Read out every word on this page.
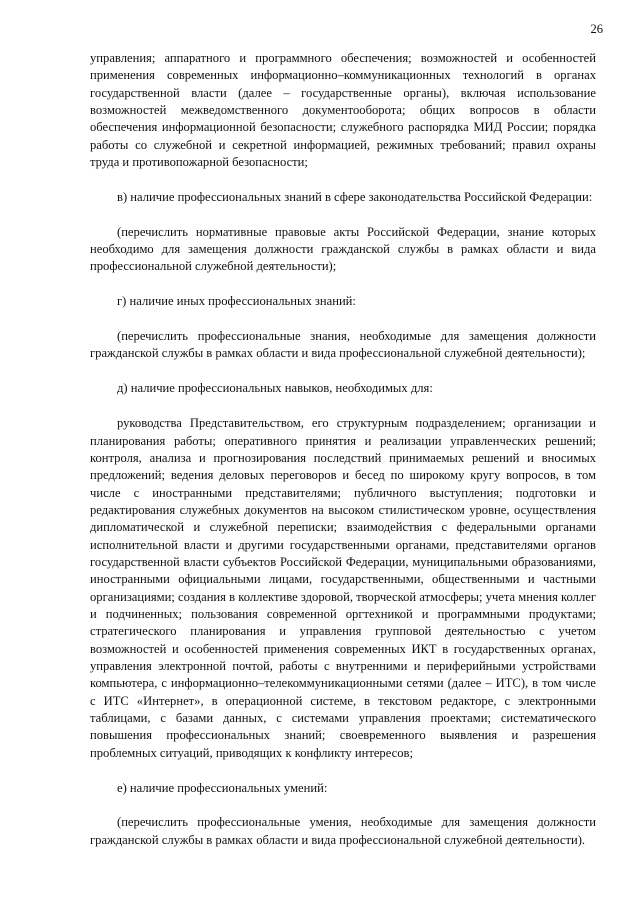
26

управления; аппаратного и программного обеспечения; возможностей и особенностей применения современных информационно–коммуникационных технологий в органах государственной власти (далее – государственные органы), включая использование возможностей межведомственного документооборота; общих вопросов в области обеспечения информационной безопасности; служебного распорядка МИД России; порядка работы со служебной и секретной информацией, режимных требований; правил охраны труда и противопожарной безопасности;

в) наличие профессиональных знаний в сфере законодательства Российской Федерации:

(перечислить нормативные правовые акты Российской Федерации, знание которых необходимо для замещения должности гражданской службы в рамках области и вида профессиональной служебной деятельности);

г) наличие иных профессиональных знаний:

(перечислить профессиональные знания, необходимые для замещения должности гражданской службы в рамках области и вида профессиональной служебной деятельности);

д) наличие профессиональных навыков, необходимых для:

руководства Представительством, его структурным подразделением; организации и планирования работы; оперативного принятия и реализации управленческих решений; контроля, анализа и прогнозирования последствий принимаемых решений и вносимых предложений; ведения деловых переговоров и бесед по широкому кругу вопросов, в том числе с иностранными представителями; публичного выступления; подготовки и редактирования служебных документов на высоком стилистическом уровне, осуществления дипломатической и служебной переписки; взаимодействия с федеральными органами исполнительной власти и другими государственными органами, представителями органов государственной власти субъектов Российской Федерации, муниципальными образованиями, иностранными официальными лицами, государственными, общественными и частными организациями; создания в коллективе здоровой, творческой атмосферы; учета мнения коллег и подчиненных; пользования современной оргтехникой и программными продуктами; стратегического планирования и управления групповой деятельностью с учетом возможностей и особенностей применения современных ИКТ в государственных органах, управления электронной почтой, работы с внутренними и периферийными устройствами компьютера, с информационно–телекоммуникационными сетями (далее – ИТС), в том числе с ИТС «Интернет», в операционной системе, в текстовом редакторе, с электронными таблицами, с базами данных, с системами управления проектами; систематического повышения профессиональных знаний; своевременного выявления и разрешения проблемных ситуаций, приводящих к конфликту интересов;

е) наличие профессиональных умений:

(перечислить профессиональные умения, необходимые для замещения должности гражданской службы в рамках области и вида профессиональной служебной деятельности).
